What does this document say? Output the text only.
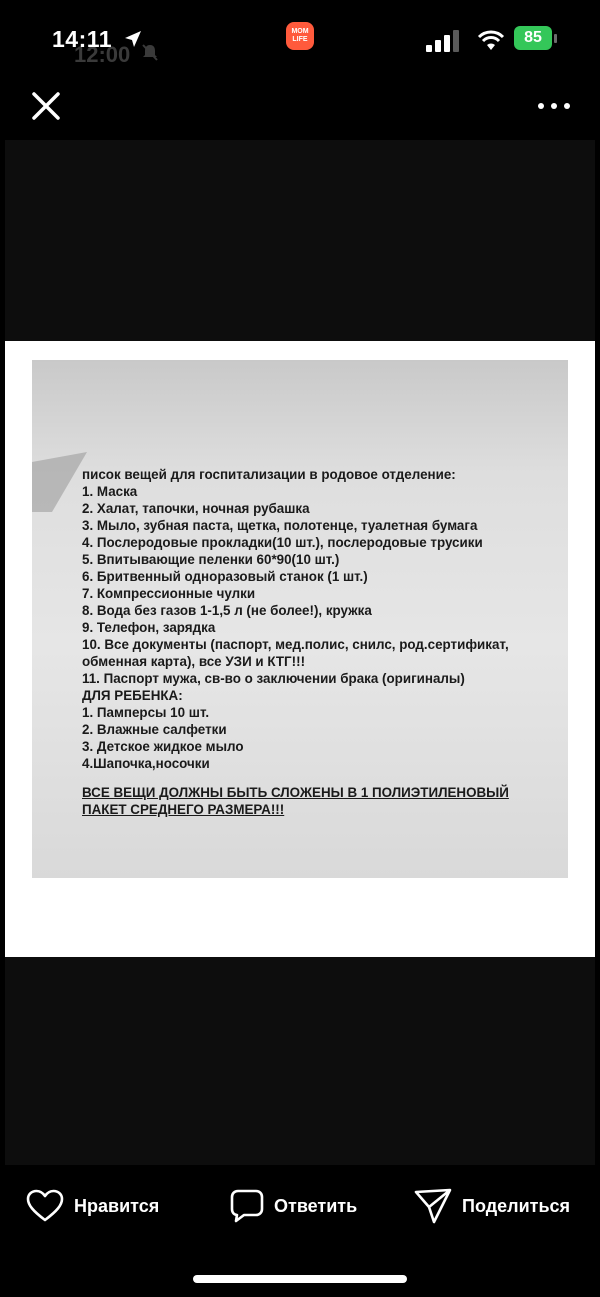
12:00
14:11	MOM LIFE	85
писок вещей для госпитализации в родовое отделение:
1. Маска
2. Халат, тапочки, ночная рубашка
3. Мыло, зубная паста, щетка, полотенце, туалетная бумага
4. Послеродовые прокладки(10 шт.), послеродовые трусики
5. Впитывающие пеленки 60*90(10 шт.)
6. Бритвенный одноразовый станок (1 шт.)
7. Компрессионные чулки
8. Вода без газов 1-1,5 л (не более!), кружка
9. Телефон, зарядка
10. Все документы (паспорт, мед.полис, снилс, род.сертификат,
обменная карта), все УЗИ и КТГ!!!
11. Паспорт мужа, св-во о заключении брака (оригиналы)
ДЛЯ РЕБЕНКА:
1. Памперсы 10 шт.
2. Влажные салфетки
3. Детское жидкое мыло
4.Шапочка,носочки
ВСЕ ВЕЩИ ДОЛЖНЫ БЫТЬ СЛОЖЕНЫ В 1 ПОЛИЭТИЛЕНОВЫЙ
ПАКЕТ СРЕДНЕГО РАЗМЕРА!!!
Нравится	Ответить	Поделиться
